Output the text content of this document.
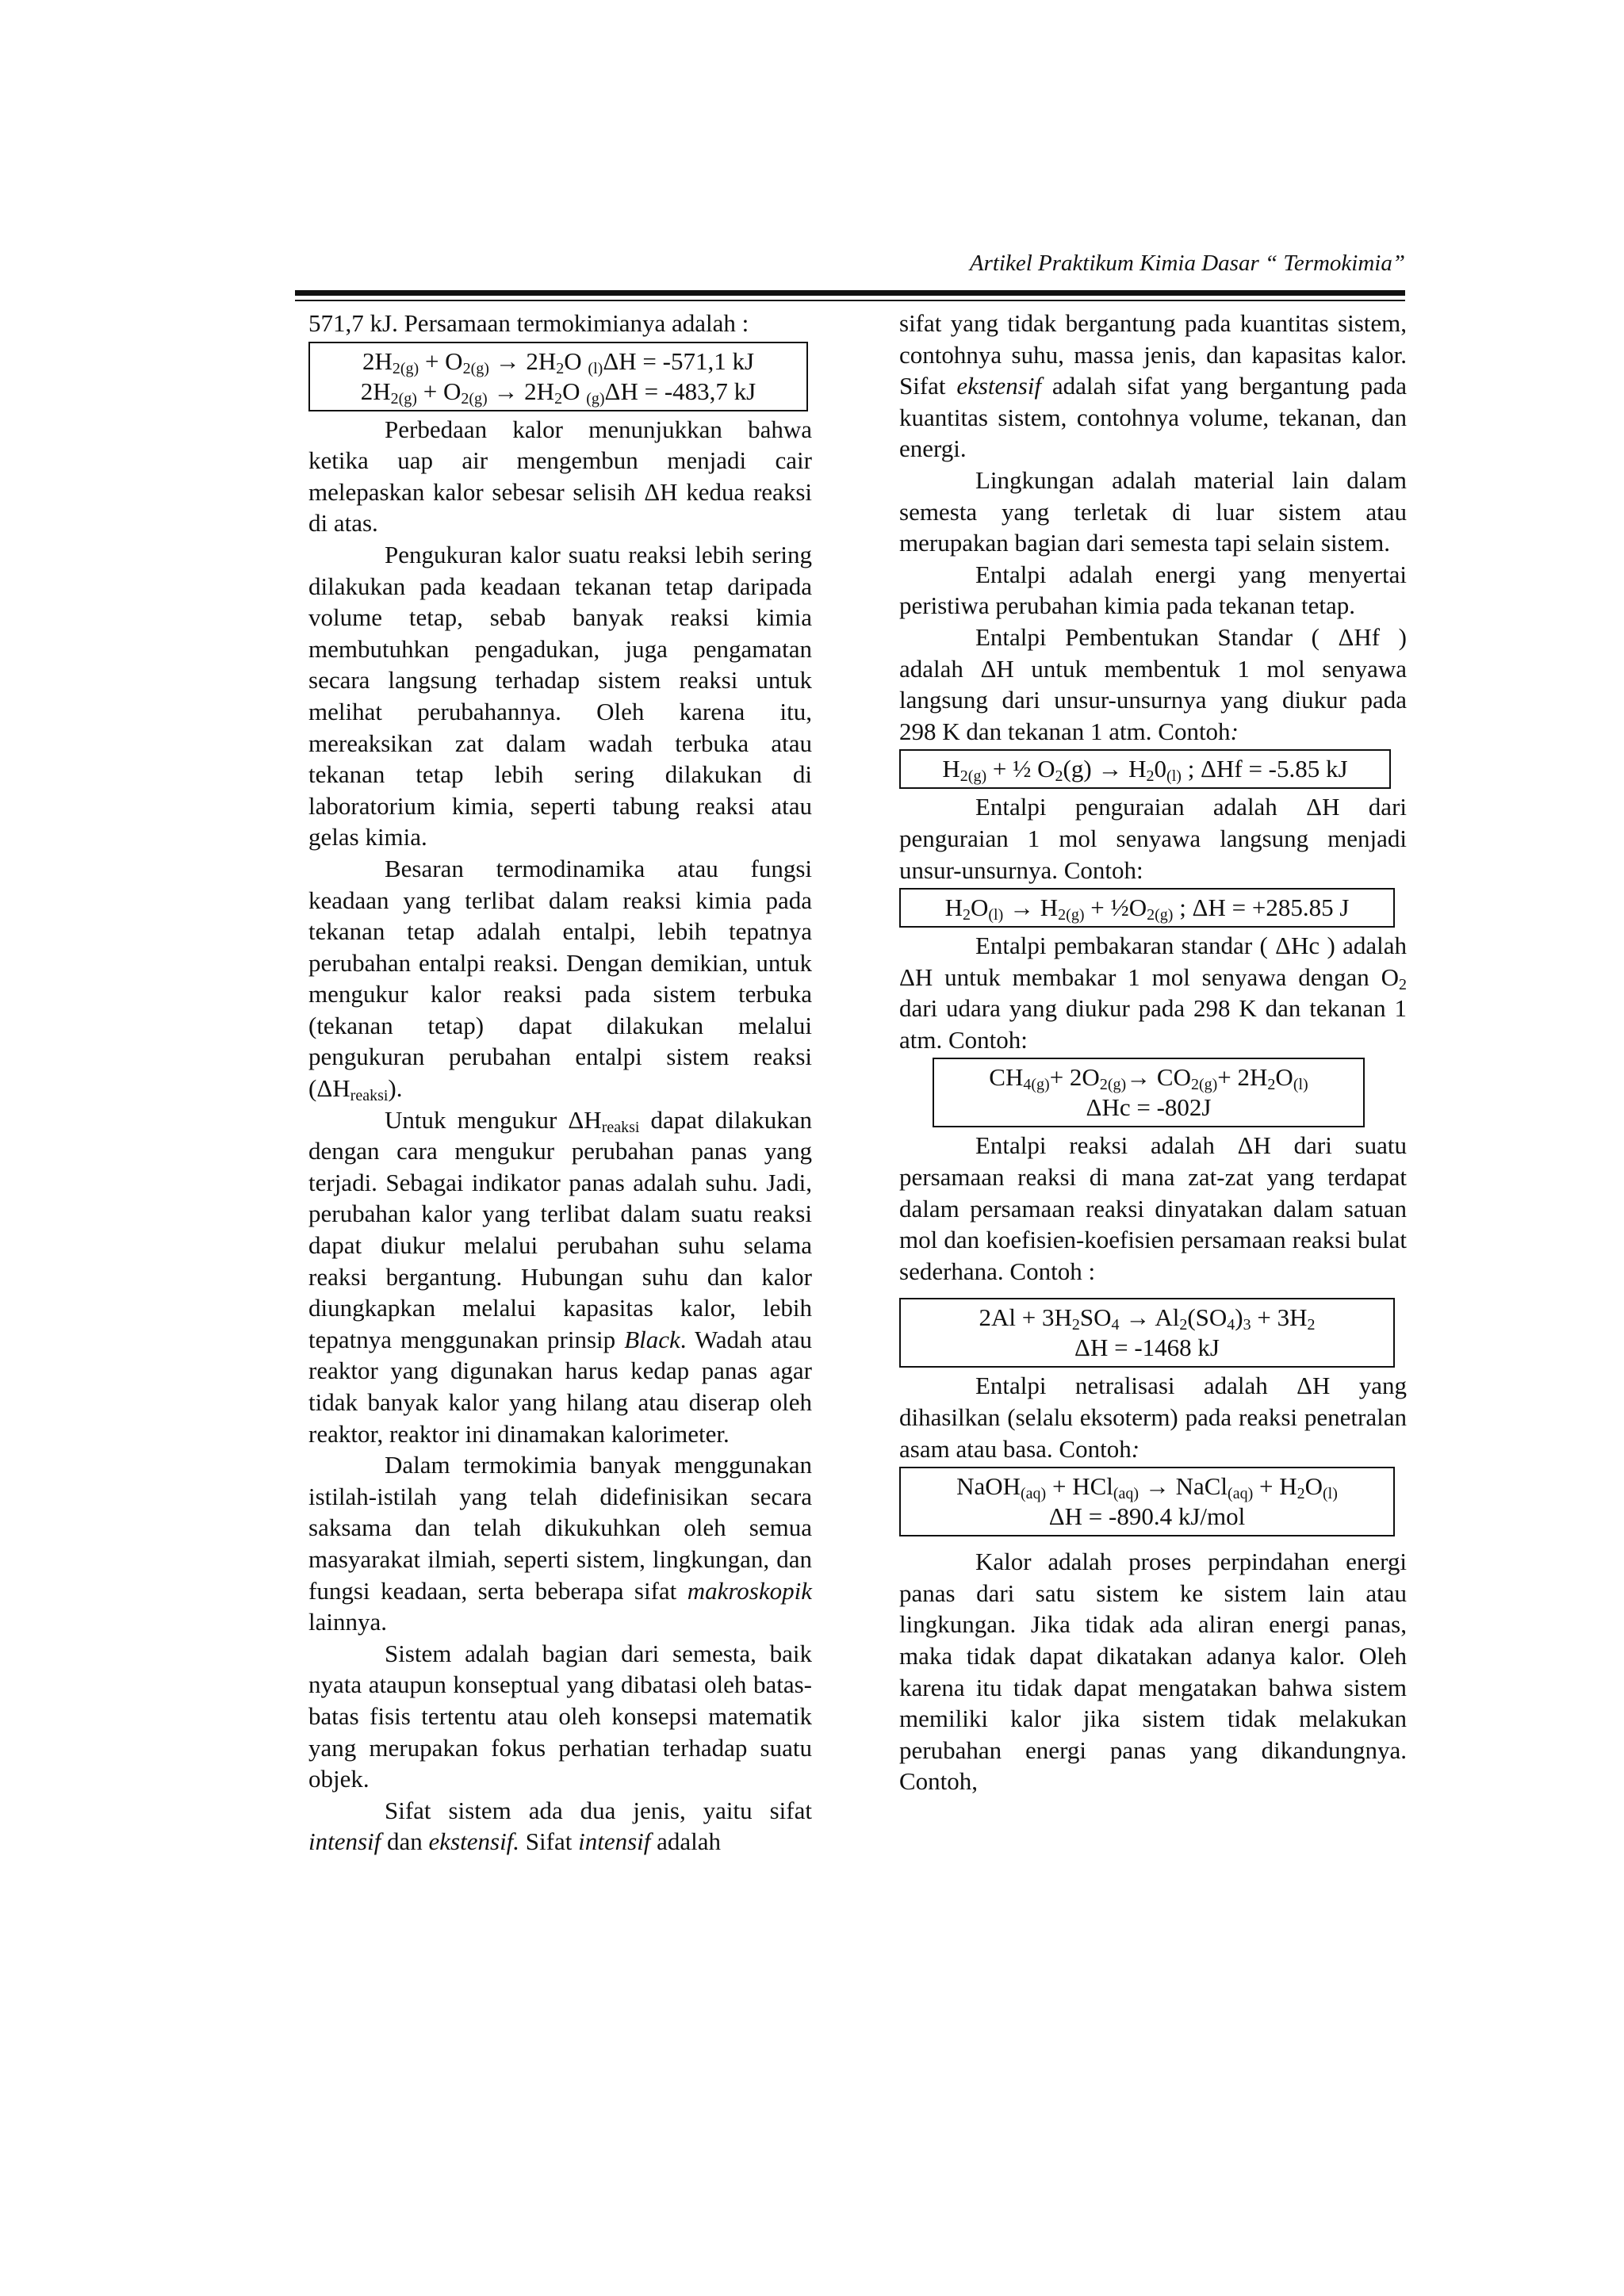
Artikel Praktikum Kimia Dasar “ Termokimia”

571,7 kJ. Persamaan termokimianya adalah :

$2H_{2(g)} + O_{2(g)} \to 2H_2O$ $_{(l)}$ΔH = -571,1 kJ
$2H_{2(g)} + O_{2(g)} \to 2H_2O$ $_{(g)}$ΔH = -483,7 kJ

Perbedaan kalor menunjukkan bahwa ketika uap air mengembun menjadi cair melepaskan kalor sebesar selisih ΔH kedua reaksi di atas.

Pengukuran kalor suatu reaksi lebih sering dilakukan pada keadaan tekanan tetap daripada volume tetap, sebab banyak reaksi kimia membutuhkan pengadukan, juga pengamatan secara langsung terhadap sistem reaksi untuk melihat perubahannya. Oleh karena itu, mereaksikan zat dalam wadah terbuka atau tekanan tetap lebih sering dilakukan di laboratorium kimia, seperti tabung reaksi atau gelas kimia.

Besaran termodinamika atau fungsi keadaan yang terlibat dalam reaksi kimia pada tekanan tetap adalah entalpi, lebih tepatnya perubahan entalpi reaksi. Dengan demikian, untuk mengukur kalor reaksi pada sistem terbuka (tekanan tetap) dapat dilakukan melalui pengukuran perubahan entalpi sistem reaksi $(\Delta H_{reaksi})$.

Untuk mengukur $\Delta H_{reaksi}$ dapat dilakukan dengan cara mengukur perubahan panas yang terjadi. Sebagai indikator panas adalah suhu. Jadi, perubahan kalor yang terlibat dalam suatu reaksi dapat diukur melalui perubahan suhu selama reaksi bergantung. Hubungan suhu dan kalor diungkapkan melalui kapasitas kalor, lebih tepatnya menggunakan prinsip Black. Wadah atau reaktor yang digunakan harus kedap panas agar tidak banyak kalor yang hilang atau diserap oleh reaktor, reaktor ini dinamakan kalorimeter.

Dalam termokimia banyak menggunakan istilah-istilah yang telah didefinisikan secara saksama dan telah dikukuhkan oleh semua masyarakat ilmiah, seperti sistem, lingkungan, dan fungsi keadaan, serta beberapa sifat makroskopik lainnya.

Sistem adalah bagian dari semesta, baik nyata ataupun konseptual yang dibatasi oleh batas-batas fisis tertentu atau oleh konsepsi matematik yang merupakan fokus perhatian terhadap suatu objek.

Sifat sistem ada dua jenis, yaitu sifat intensif dan ekstensif. Sifat intensif adalah

sifat yang tidak bergantung pada kuantitas sistem, contohnya suhu, massa jenis, dan kapasitas kalor. Sifat ekstensif adalah sifat yang bergantung pada kuantitas sistem, contohnya volume, tekanan, dan energi.

Lingkungan adalah material lain dalam semesta yang terletak di luar sistem atau merupakan bagian dari semesta tapi selain sistem.

Entalpi adalah energi yang menyertai peristiwa perubahan kimia pada tekanan tetap.

Entalpi Pembentukan Standar ( ΔHf ) adalah ΔH untuk membentuk 1 mol senyawa langsung dari unsur-unsurnya yang diukur pada 298 K dan tekanan 1 atm. Contoh:

$H_{2(g)}$ + ½ $O_2(g) \to H_20_{(l)}$ ; ΔHf = -5.85 kJ

Entalpi penguraian adalah ΔH dari penguraian 1 mol senyawa langsung menjadi unsur-unsurnya. Contoh:

$H_2O_{(l)} \to H_{2(g)}$ + $\frac{1}{2}O_{2(g)}$ ; ΔH = +285.85 J

Entalpi pembakaran standar ( ΔHc ) adalah ΔH untuk membakar 1 mol senyawa dengan $O_2$ dari udara yang diukur pada 298 K dan tekanan 1 atm. Contoh:

$CH_{4(g)}+ 2O_{2(g)}\to CO_{2(g)}+ 2H_2O_{(l)}$
ΔHc = -802J

Entalpi reaksi adalah ΔH dari suatu persamaan reaksi di mana zat-zat yang terdapat dalam persamaan reaksi dinyatakan dalam satuan mol dan koefisien-koefisien persamaan reaksi bulat sederhana. Contoh :

$2Al + 3H_2SO_4 \to Al_2(SO_4)_3 + 3H_2$
ΔH = -1468 kJ

Entalpi netralisasi adalah ΔH yang dihasilkan (selalu eksoterm) pada reaksi penetralan asam atau basa. Contoh:

NaOH$_{(aq)}$ + HCl$_{(aq)}$ → NaCl$_{(aq)}$ + $H_2O_{(l)}$
ΔH = -890.4 kJ/mol

Kalor adalah proses perpindahan energi panas dari satu sistem ke sistem lain atau lingkungan. Jika tidak ada aliran energi panas, maka tidak dapat dikatakan adanya kalor. Oleh karena itu tidak dapat mengatakan bahwa sistem memiliki kalor jika sistem tidak melakukan perubahan energi panas yang dikandungnya. Contoh,
